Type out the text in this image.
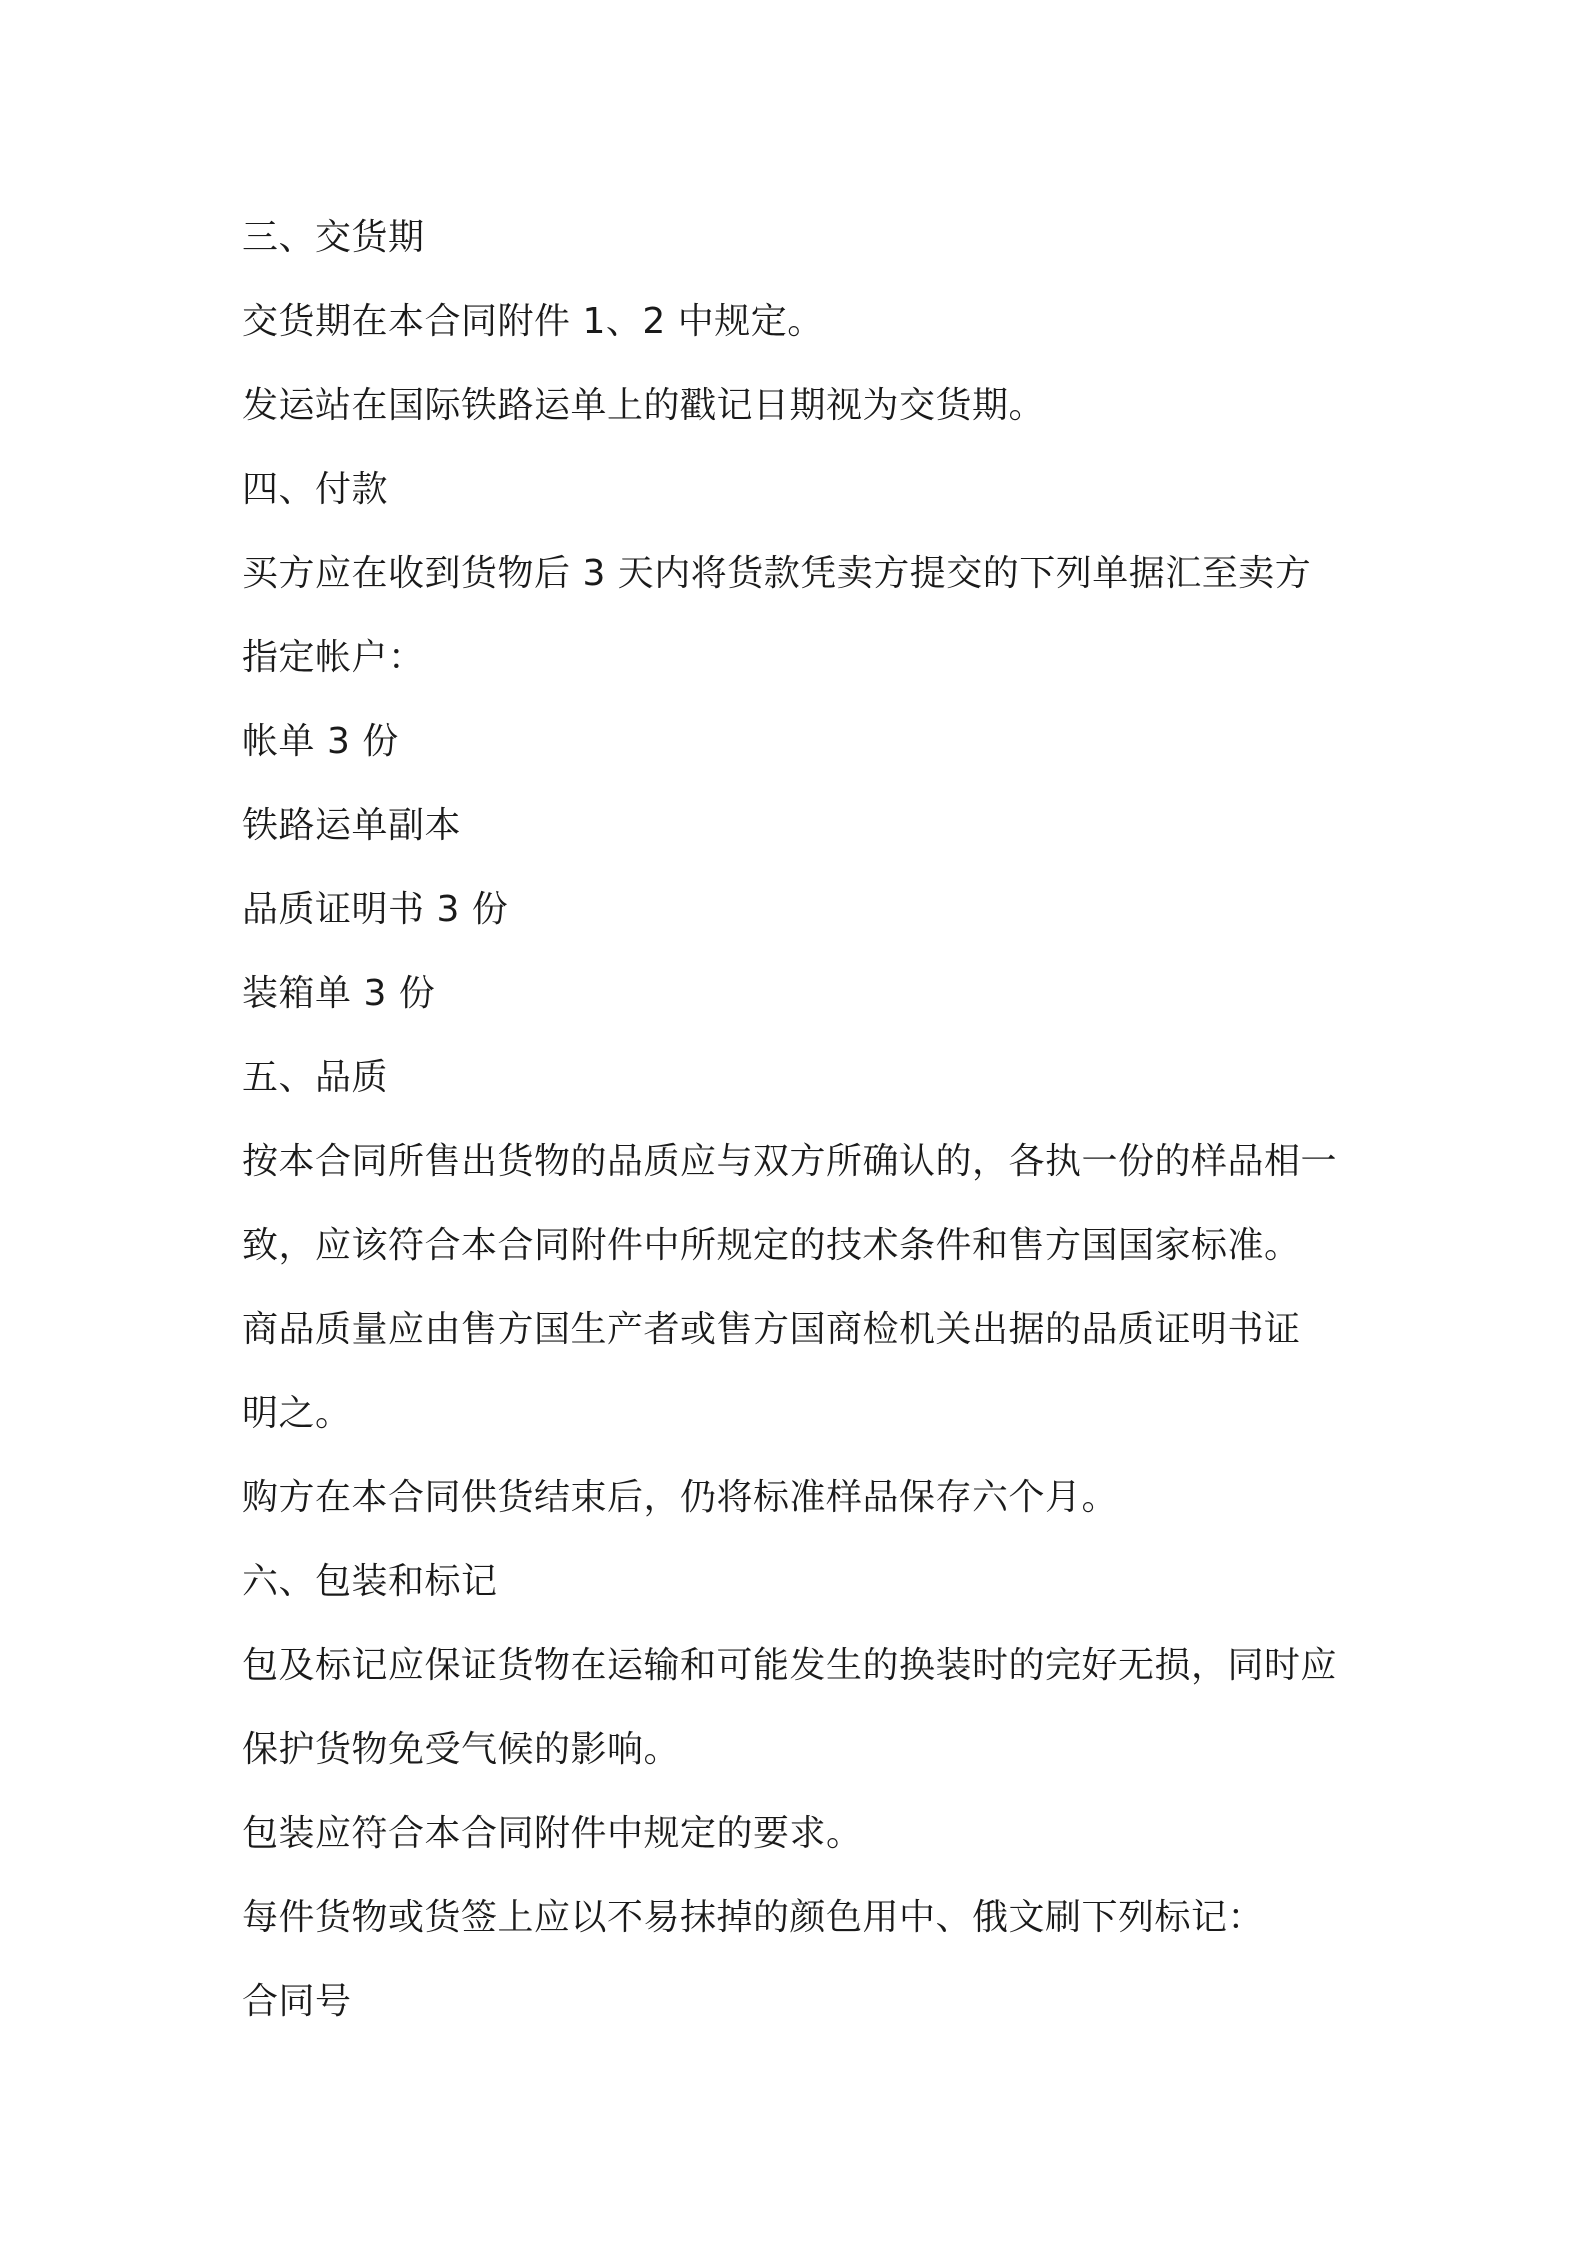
三、交货期
交货期在本合同附件 1、2 中规定。
发运站在国际铁路运单上的戳记日期视为交货期。
四、付款
买方应在收到货物后 3 天内将货款凭卖方提交的下列单据汇至卖方
指定帐户：
帐单 3 份
铁路运单副本
品质证明书 3 份
装箱单 3 份
五、品质
按本合同所售出货物的品质应与双方所确认的，各执一份的样品相一
致，应该符合本合同附件中所规定的技术条件和售方国国家标准。
商品质量应由售方国生产者或售方国商检机关出据的品质证明书证
明之。
购方在本合同供货结束后，仍将标准样品保存六个月。
六、包装和标记
包及标记应保证货物在运输和可能发生的换装时的完好无损，同时应
保护货物免受气候的影响。
包装应符合本合同附件中规定的要求。
每件货物或货签上应以不易抹掉的颜色用中、俄文刷下列标记：
合同号
